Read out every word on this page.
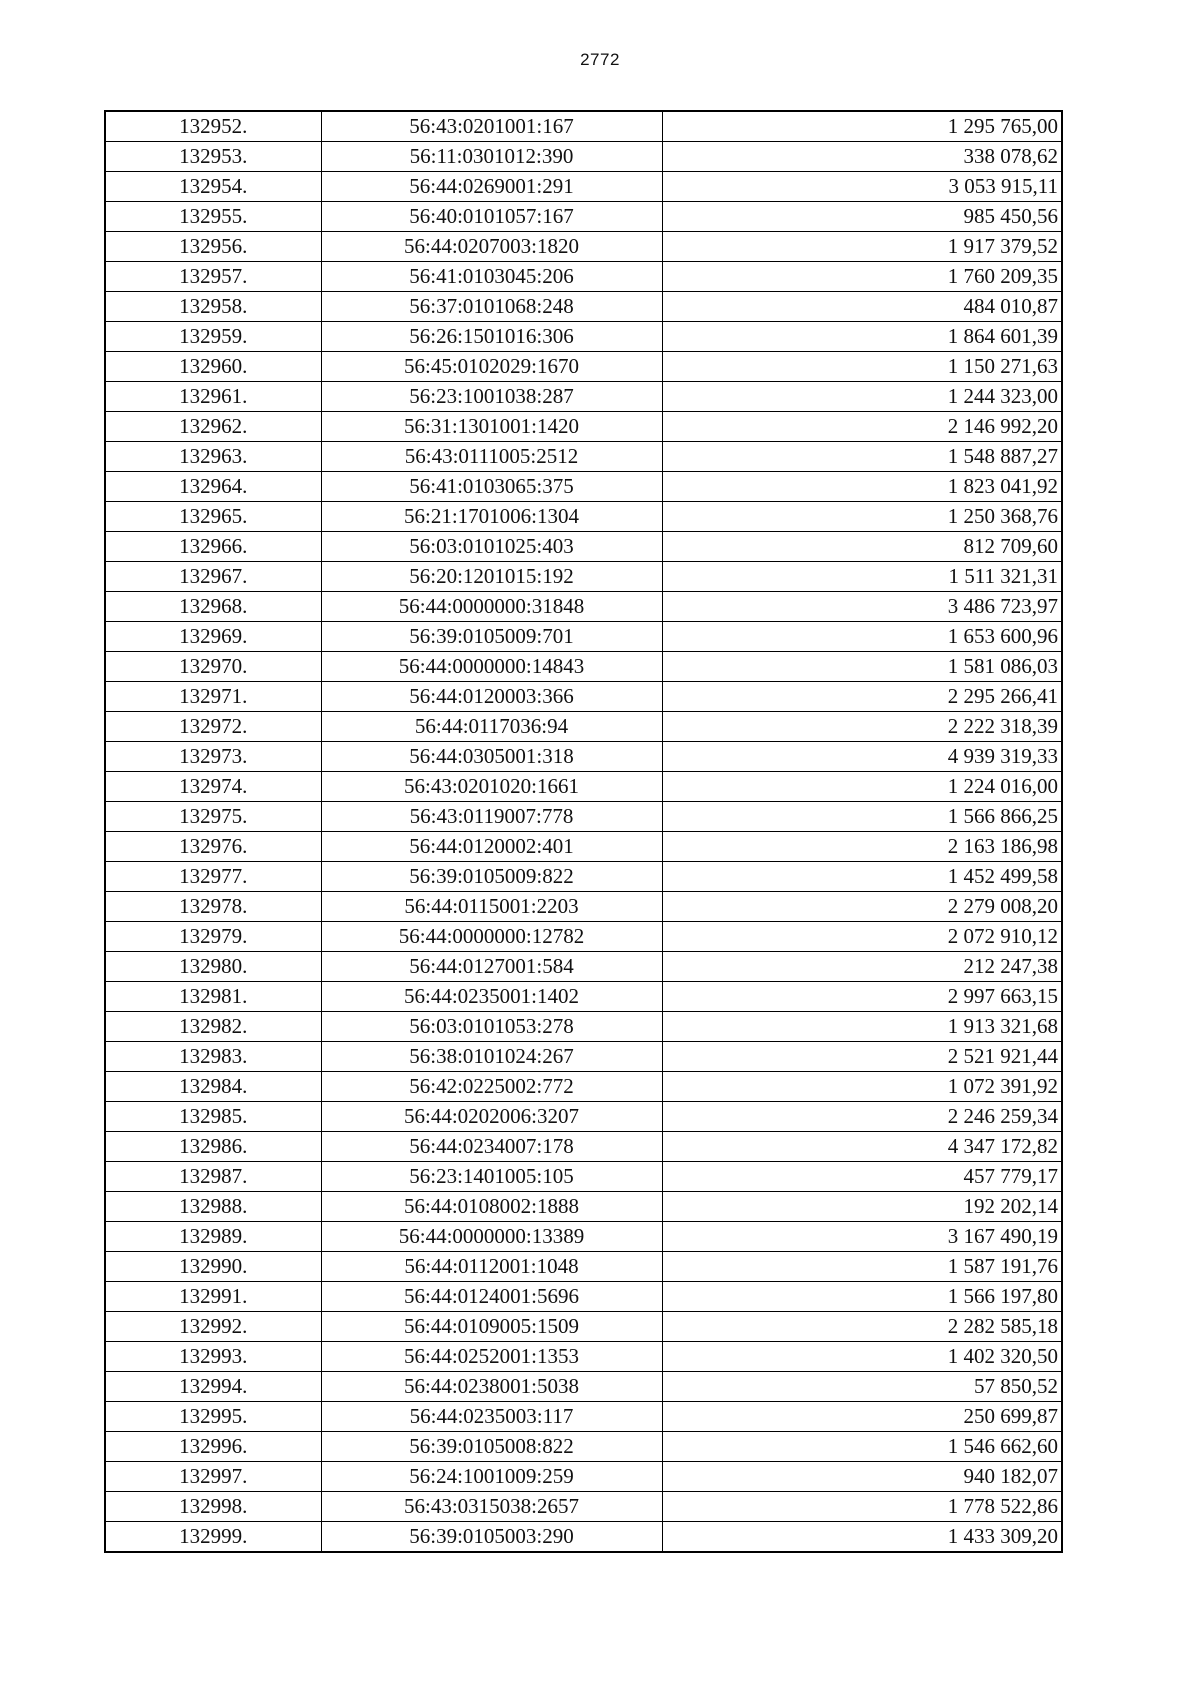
2772
132952.	56:43:0201001:167	1 295 765,00
132953.	56:11:0301012:390	338 078,62
132954.	56:44:0269001:291	3 053 915,11
132955.	56:40:0101057:167	985 450,56
132956.	56:44:0207003:1820	1 917 379,52
132957.	56:41:0103045:206	1 760 209,35
132958.	56:37:0101068:248	484 010,87
132959.	56:26:1501016:306	1 864 601,39
132960.	56:45:0102029:1670	1 150 271,63
132961.	56:23:1001038:287	1 244 323,00
132962.	56:31:1301001:1420	2 146 992,20
132963.	56:43:0111005:2512	1 548 887,27
132964.	56:41:0103065:375	1 823 041,92
132965.	56:21:1701006:1304	1 250 368,76
132966.	56:03:0101025:403	812 709,60
132967.	56:20:1201015:192	1 511 321,31
132968.	56:44:0000000:31848	3 486 723,97
132969.	56:39:0105009:701	1 653 600,96
132970.	56:44:0000000:14843	1 581 086,03
132971.	56:44:0120003:366	2 295 266,41
132972.	56:44:0117036:94	2 222 318,39
132973.	56:44:0305001:318	4 939 319,33
132974.	56:43:0201020:1661	1 224 016,00
132975.	56:43:0119007:778	1 566 866,25
132976.	56:44:0120002:401	2 163 186,98
132977.	56:39:0105009:822	1 452 499,58
132978.	56:44:0115001:2203	2 279 008,20
132979.	56:44:0000000:12782	2 072 910,12
132980.	56:44:0127001:584	212 247,38
132981.	56:44:0235001:1402	2 997 663,15
132982.	56:03:0101053:278	1 913 321,68
132983.	56:38:0101024:267	2 521 921,44
132984.	56:42:0225002:772	1 072 391,92
132985.	56:44:0202006:3207	2 246 259,34
132986.	56:44:0234007:178	4 347 172,82
132987.	56:23:1401005:105	457 779,17
132988.	56:44:0108002:1888	192 202,14
132989.	56:44:0000000:13389	3 167 490,19
132990.	56:44:0112001:1048	1 587 191,76
132991.	56:44:0124001:5696	1 566 197,80
132992.	56:44:0109005:1509	2 282 585,18
132993.	56:44:0252001:1353	1 402 320,50
132994.	56:44:0238001:5038	57 850,52
132995.	56:44:0235003:117	250 699,87
132996.	56:39:0105008:822	1 546 662,60
132997.	56:24:1001009:259	940 182,07
132998.	56:43:0315038:2657	1 778 522,86
132999.	56:39:0105003:290	1 433 309,20
